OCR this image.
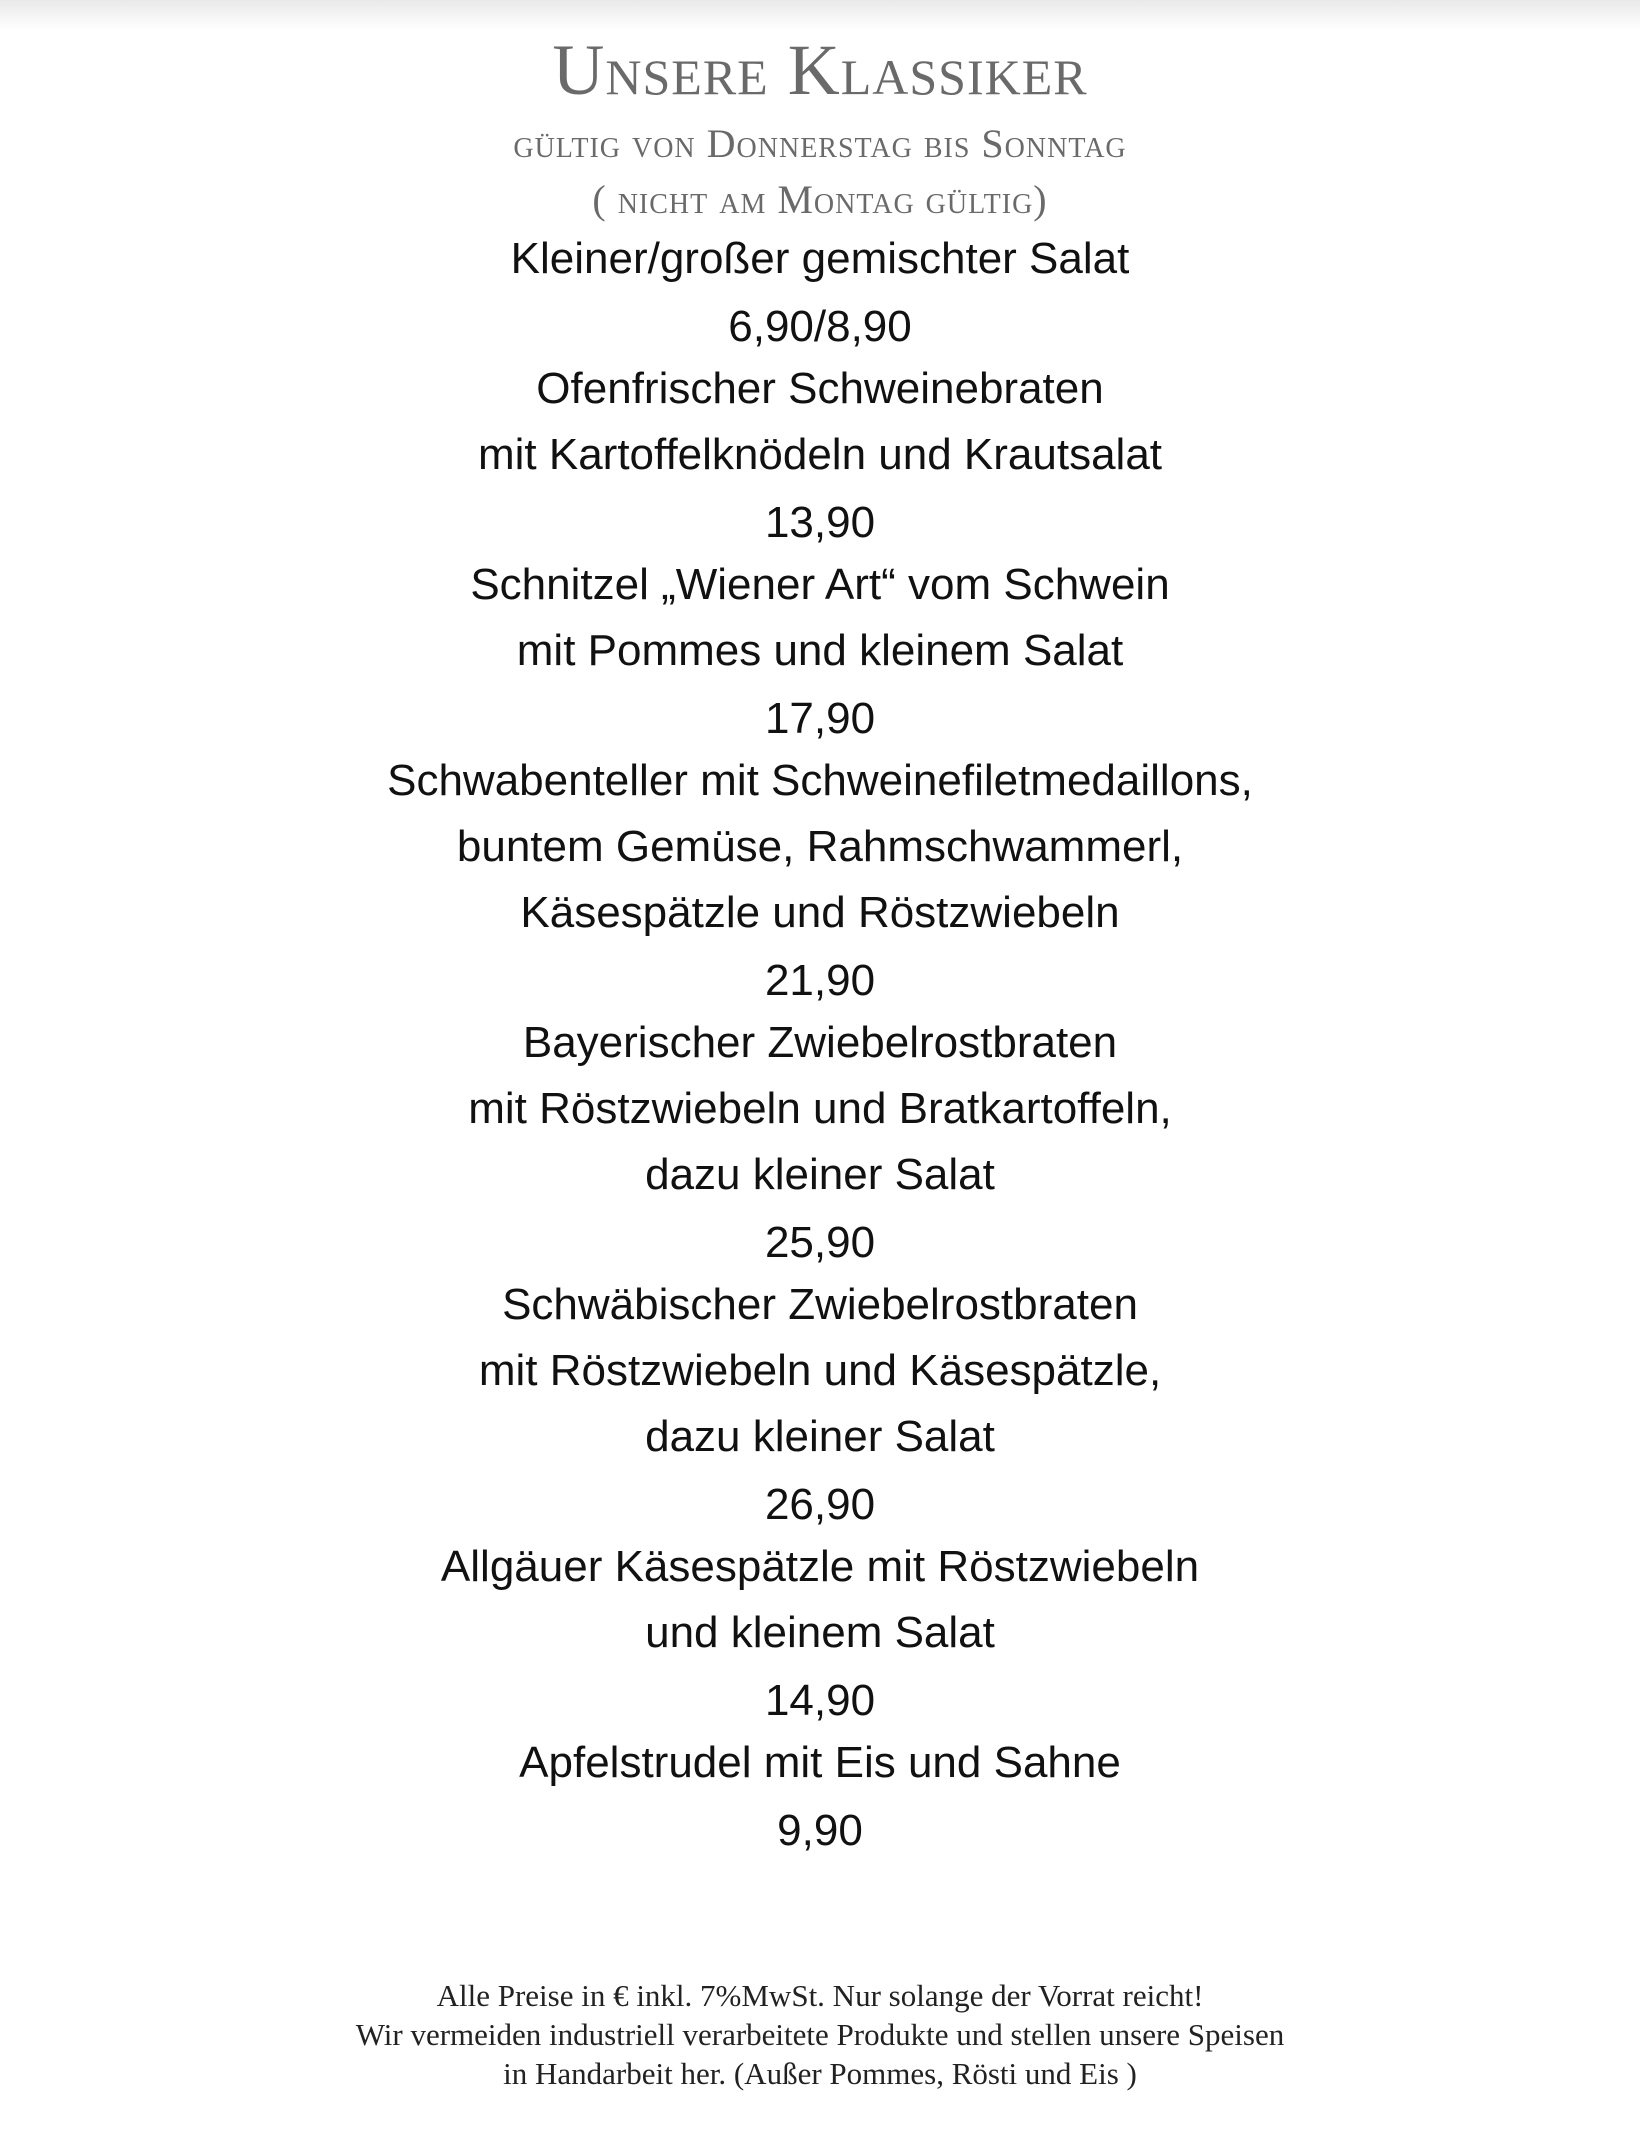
Unsere Klassiker
gültig von Donnerstag bis Sonntag
( nicht am Montag gültig)
Kleiner/großer gemischter Salat
6,90/8,90
Ofenfrischer Schweinebraten
mit Kartoffelknödeln und Krautsalat
13,90
Schnitzel „Wiener Art“ vom Schwein
mit Pommes und kleinem Salat
17,90
Schwabenteller mit Schweinefiletmedaillons,
buntem Gemüse, Rahmschwammerl,
Käsespätzle und Röstzwiebeln
21,90
Bayerischer Zwiebelrostbraten
mit Röstzwiebeln und Bratkartoffeln,
dazu kleiner Salat
25,90
Schwäbischer Zwiebelrostbraten
mit Röstzwiebeln und Käsespätzle,
dazu kleiner Salat
26,90
Allgäuer Käsespätzle mit Röstzwiebeln
und kleinem Salat
14,90
Apfelstrudel mit Eis und Sahne
9,90
Alle Preise in € inkl. 7%MwSt. Nur solange der Vorrat reicht!
Wir vermeiden industriell verarbeitete Produkte und stellen unsere Speisen
in Handarbeit her. (Außer Pommes, Rösti und Eis )
